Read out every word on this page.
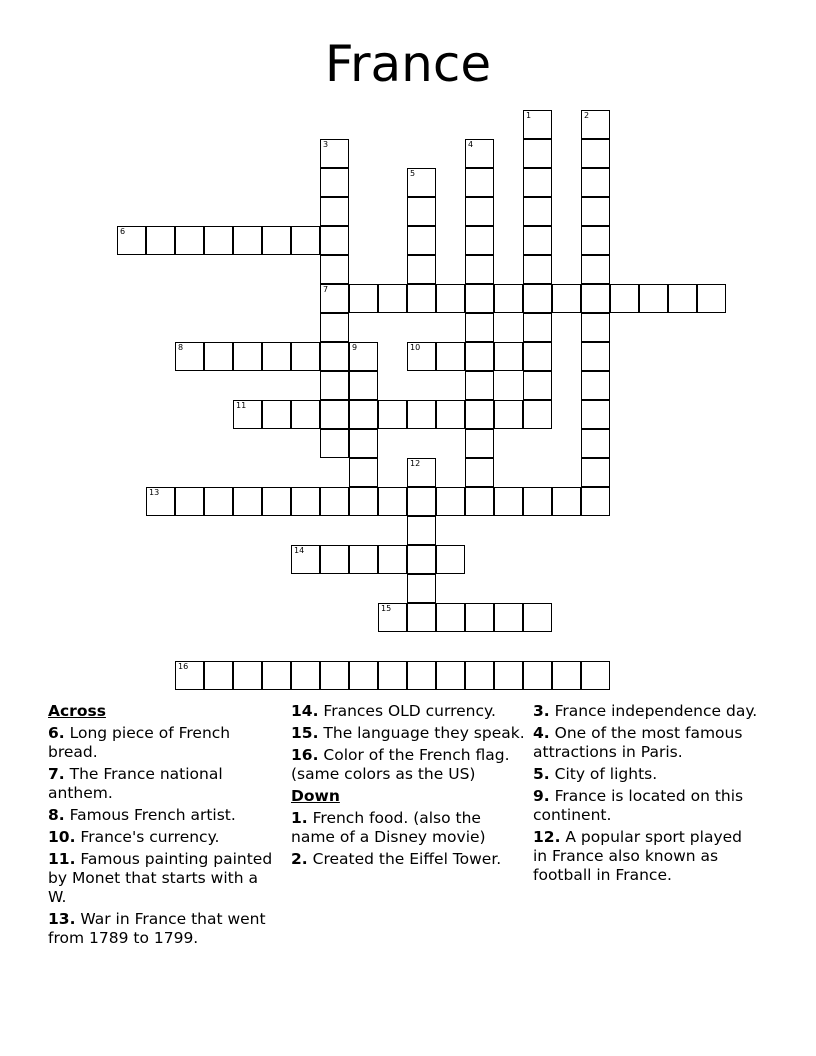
France
1	2
3
7
4
5
6
8	9	10
11
12
13
14
15
16
Across
6. Long piece of French bread.
7. The France national anthem.
8. Famous French artist.
10. France's currency.
11. Famous painting painted by Monet that starts with a W.
13. War in France that went from 1789 to 1799.
14. Frances OLD currency.
15. The language they speak.
16. Color of the French flag. (same colors as the US)
Down
1. French food. (also the name of a Disney movie)
2. Created the Eiffel Tower.
3. France independence day.
4. One of the most famous attractions in Paris.
5. City of lights.
9. France is located on this continent.
12. A popular sport played in France also known as football in France.
